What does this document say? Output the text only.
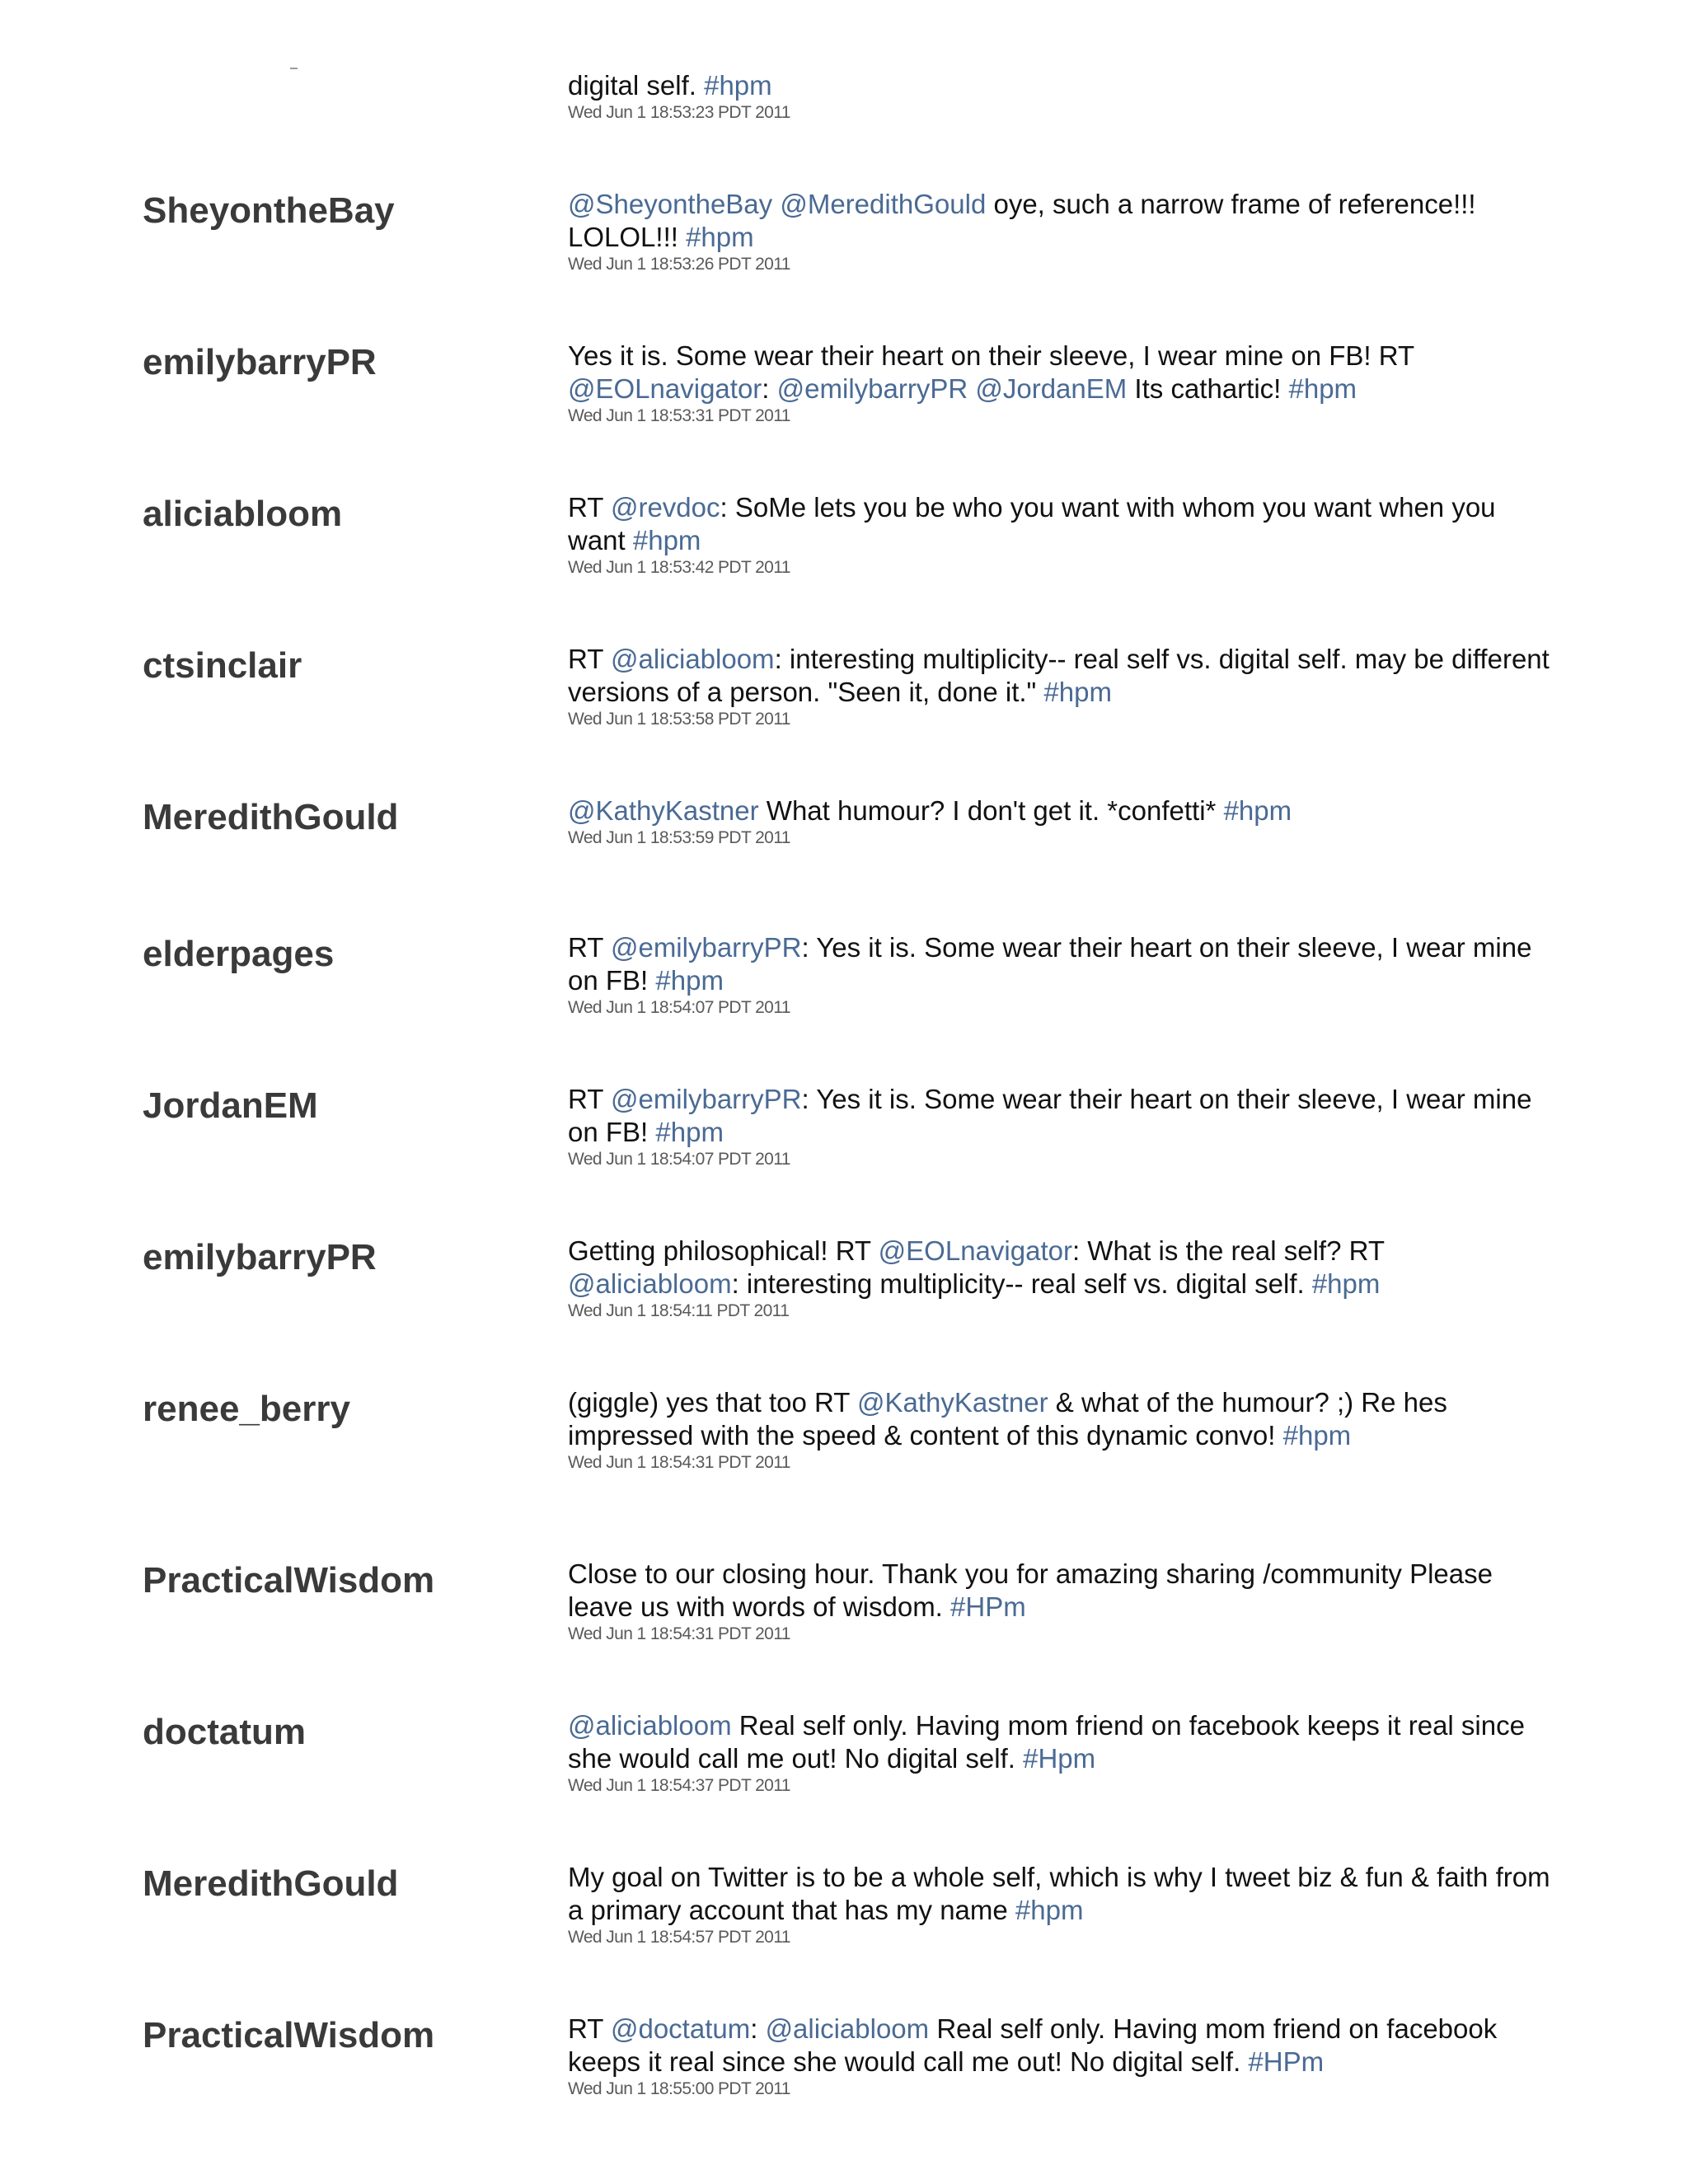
digital self. #hpm
Wed Jun 1 18:53:23 PDT 2011
SheyontheBay	@SheyontheBay @MeredithGould oye, such a narrow frame of reference!!! LOLOL!!! #hpm
Wed Jun 1 18:53:26 PDT 2011
emilybarryPR	Yes it is. Some wear their heart on their sleeve, I wear mine on FB! RT @EOLnavigator: @emilybarryPR @JordanEM Its cathartic! #hpm
Wed Jun 1 18:53:31 PDT 2011
aliciabloom	RT @revdoc: SoMe lets you be who you want with whom you want when you want #hpm
Wed Jun 1 18:53:42 PDT 2011
ctsinclair	RT @aliciabloom: interesting multiplicity-- real self vs. digital self. may be different versions of a person. "Seen it, done it." #hpm
Wed Jun 1 18:53:58 PDT 2011
MeredithGould	@KathyKastner What humour? I don't get it. *confetti* #hpm
Wed Jun 1 18:53:59 PDT 2011
elderpages	RT @emilybarryPR: Yes it is. Some wear their heart on their sleeve, I wear mine on FB! #hpm
Wed Jun 1 18:54:07 PDT 2011
JordanEM	RT @emilybarryPR: Yes it is. Some wear their heart on their sleeve, I wear mine on FB! #hpm
Wed Jun 1 18:54:07 PDT 2011
emilybarryPR	Getting philosophical! RT @EOLnavigator: What is the real self? RT @aliciabloom: interesting multiplicity-- real self vs. digital self. #hpm
Wed Jun 1 18:54:11 PDT 2011
renee_berry	(giggle) yes that too RT @KathyKastner & what of the humour? ;) Re hes impressed with the speed & content of this dynamic convo! #hpm
Wed Jun 1 18:54:31 PDT 2011
PracticalWisdom	Close to our closing hour. Thank you for amazing sharing /community Please leave us with words of wisdom. #HPm
Wed Jun 1 18:54:31 PDT 2011
doctatum	@aliciabloom Real self only. Having mom friend on facebook keeps it real since she would call me out! No digital self. #Hpm
Wed Jun 1 18:54:37 PDT 2011
MeredithGould	My goal on Twitter is to be a whole self, which is why I tweet biz & fun & faith from a primary account that has my name #hpm
Wed Jun 1 18:54:57 PDT 2011
PracticalWisdom	RT @doctatum: @aliciabloom Real self only. Having mom friend on facebook keeps it real since she would call me out! No digital self. #HPm
Wed Jun 1 18:55:00 PDT 2011
